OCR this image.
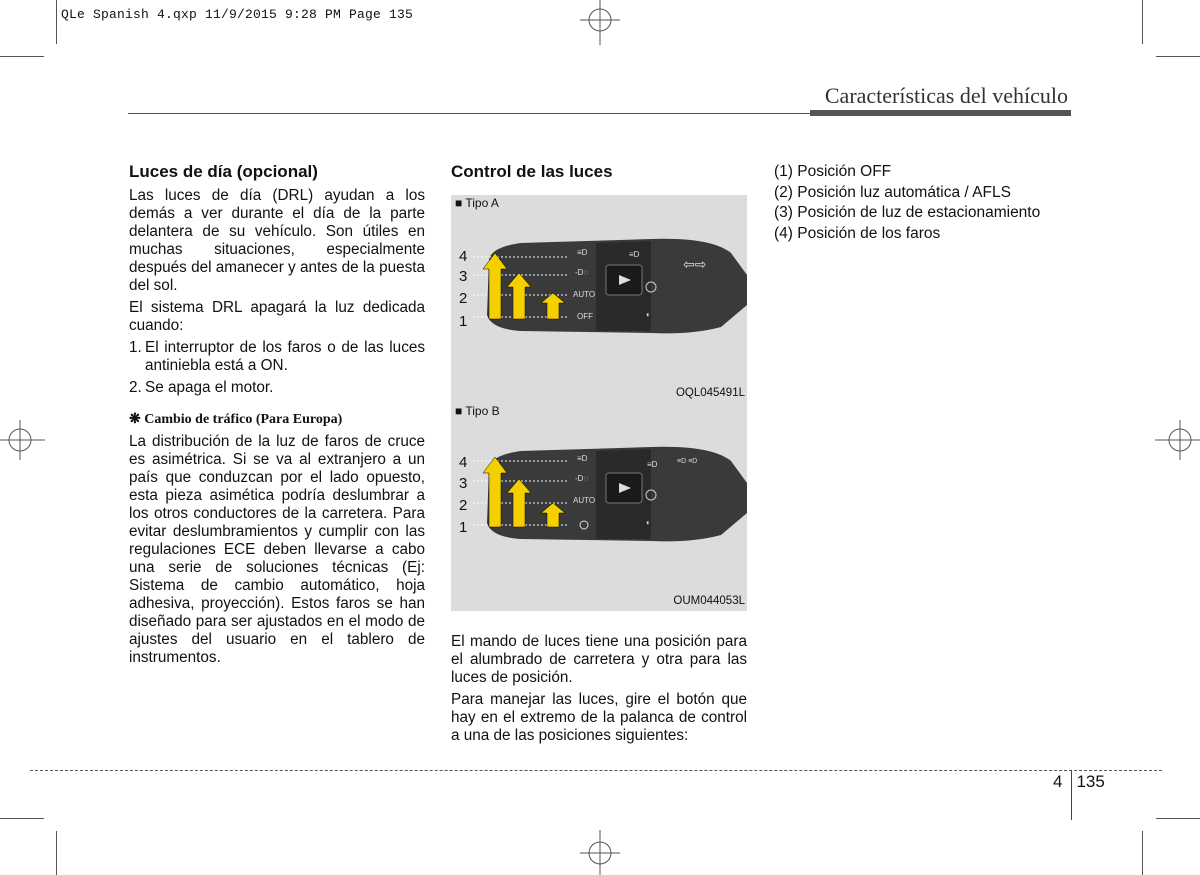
QLe Spanish 4.qxp 11/9/2015 9:28 PM Page 135
Características del vehículo
Luces de día (opcional)

Las luces de día (DRL) ayudan a los demás a ver durante el día de la parte delantera de su vehículo. Son útiles en muchas situaciones, especialmente después del amanecer y antes de la puesta del sol.

El sistema DRL apagará la luz dedicada cuando:

1. El interruptor de los faros o de las luces antiniebla está a ON.
2. Se apaga el motor.
❋ Cambio de tráfico (Para Europa)

La distribución de la luz de faros de cruce es asimétrica. Si se va al extranjero a un país que conduzcan por el lado opuesto, esta pieza asimética podría deslumbrar a los otros conductores de la carretera. Para evitar deslumbramientos y cumplir con las regulaciones ECE deben llevarse a cabo una serie de soluciones técnicas (Ej: Sistema de cambio automático, hoja adhesiva, proyección). Estos faros se han diseñado para ser ajustados en el modo de ajustes del usuario en el tablero de instrumentos.

Control de las luces
■ Tipo A
≡D
⇦⇨
◐
≡D
-D◌
AUTO
OFF
4
3
2
1
OQL045491L
■ Tipo B
≡D	≡D ≡D
◐
≡D
-D◌
AUTO
4
3
2
1
OUM044053L

El mando de luces tiene una posición para el alumbrado de carretera y otra para las luces de posición.

Para manejar las luces, gire el botón que hay en el extremo de la palanca de control a una de las posiciones siguientes:

(1) Posición OFF
(2) Posición luz automática / AFLS
(3) Posición de luz de estacionamiento
(4) Posición de los faros
4 135
